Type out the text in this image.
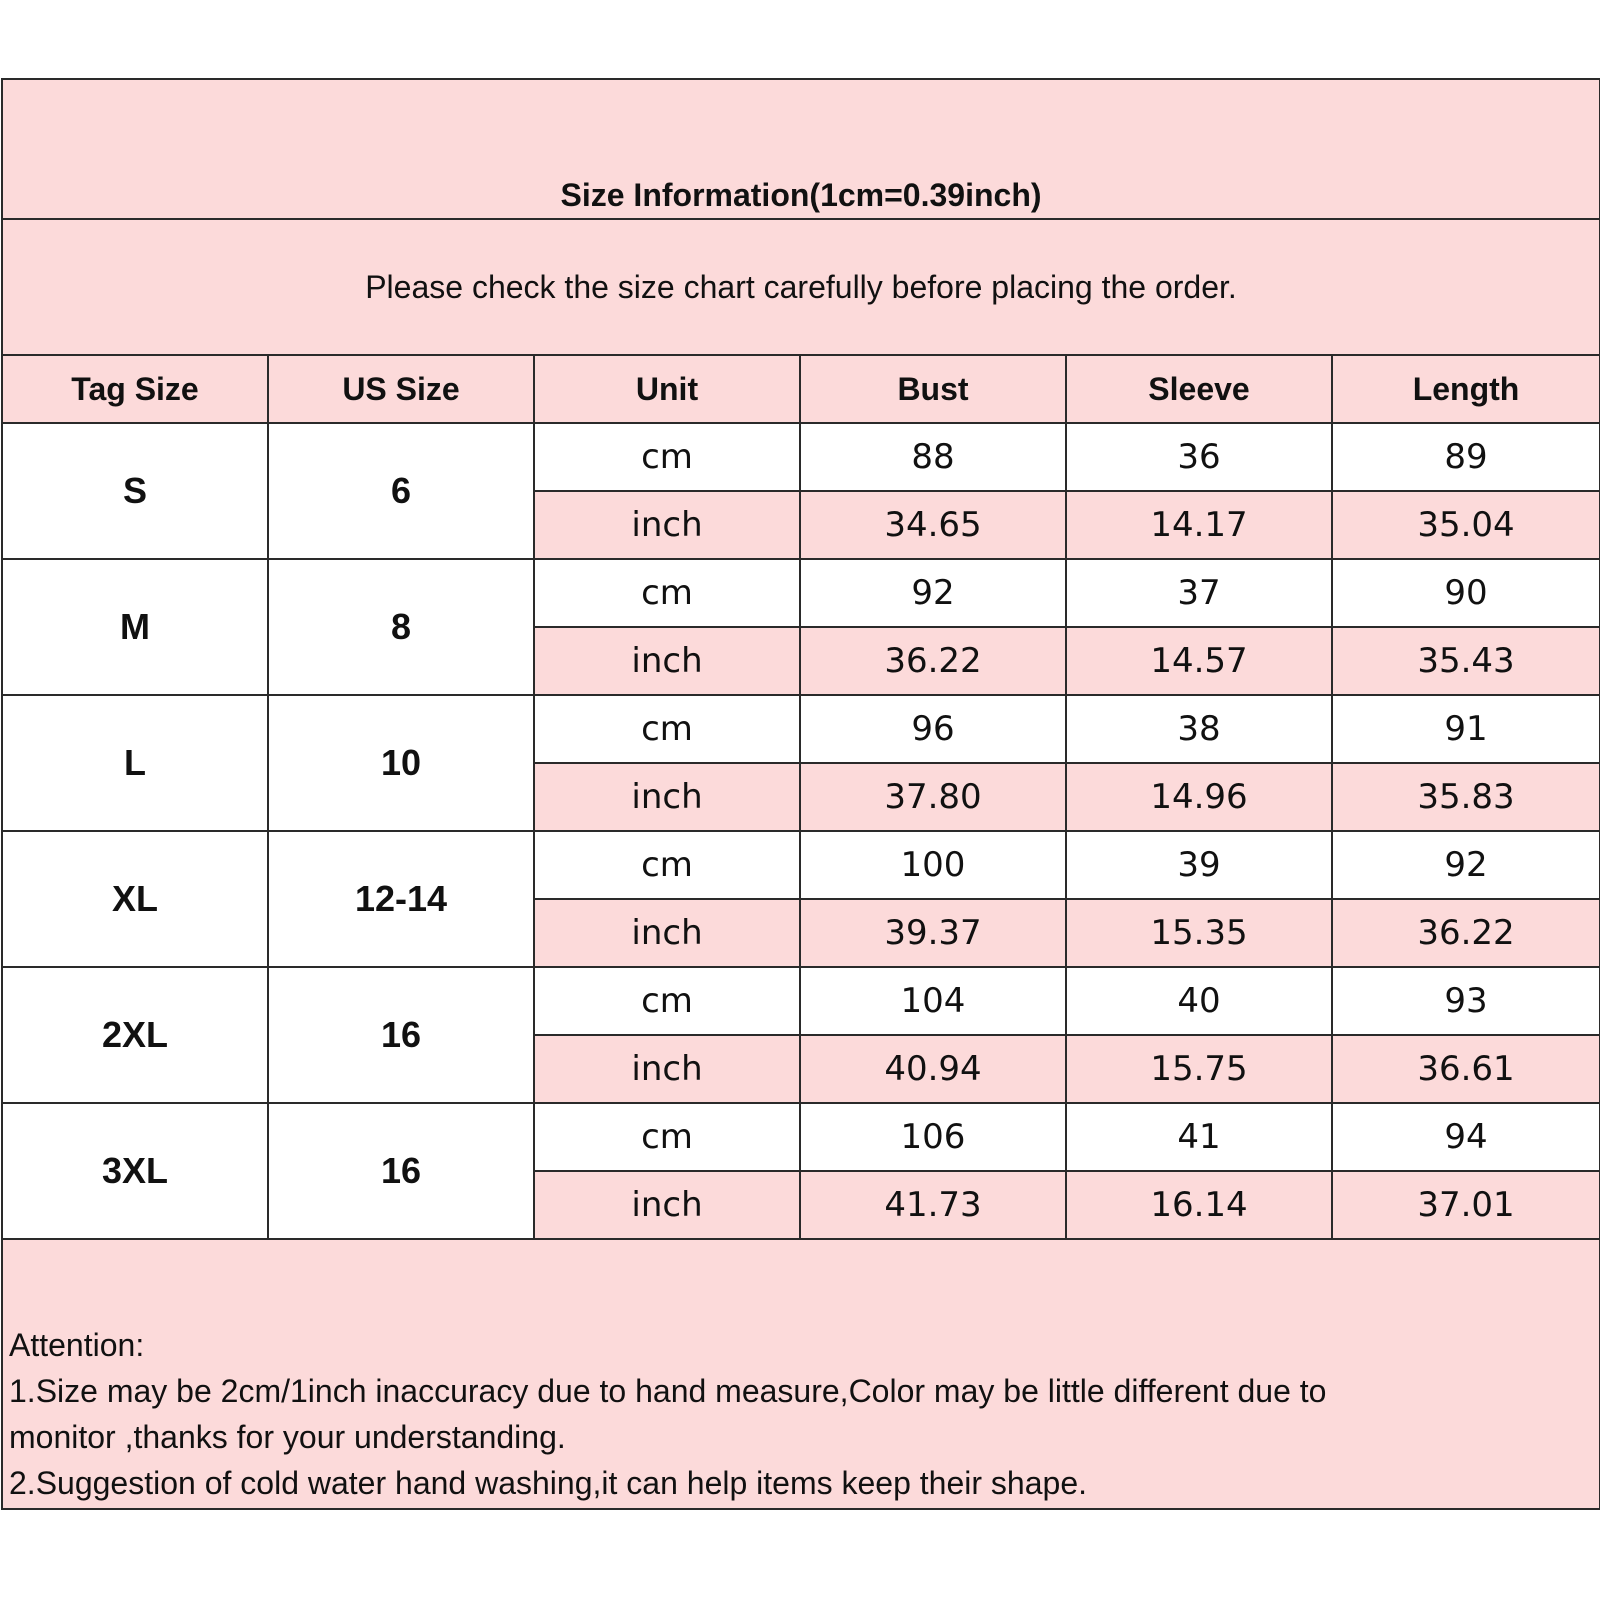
Size Information(1cm=0.39inch)					
Please check the size chart carefully before placing the order.					
Tag Size	US Size	Unit	Bust	Sleeve	Length
S	6	cm	88	36	89
		inch	34.65	14.17	35.04
M	8	cm	92	37	90
		inch	36.22	14.57	35.43
L	10	cm	96	38	91
		inch	37.80	14.96	35.83
XL	12-14	cm	100	39	92
		inch	39.37	15.35	36.22
2XL	16	cm	104	40	93
		inch	40.94	15.75	36.61
3XL	16	cm	106	41	94
		inch	41.73	16.14	37.01

Attention:
1.Size may be 2cm/1inch inaccuracy due to hand measure,Color may be little different due to
monitor ,thanks for your understanding.
2.Suggestion of cold water hand washing,it can help items keep their shape.					
